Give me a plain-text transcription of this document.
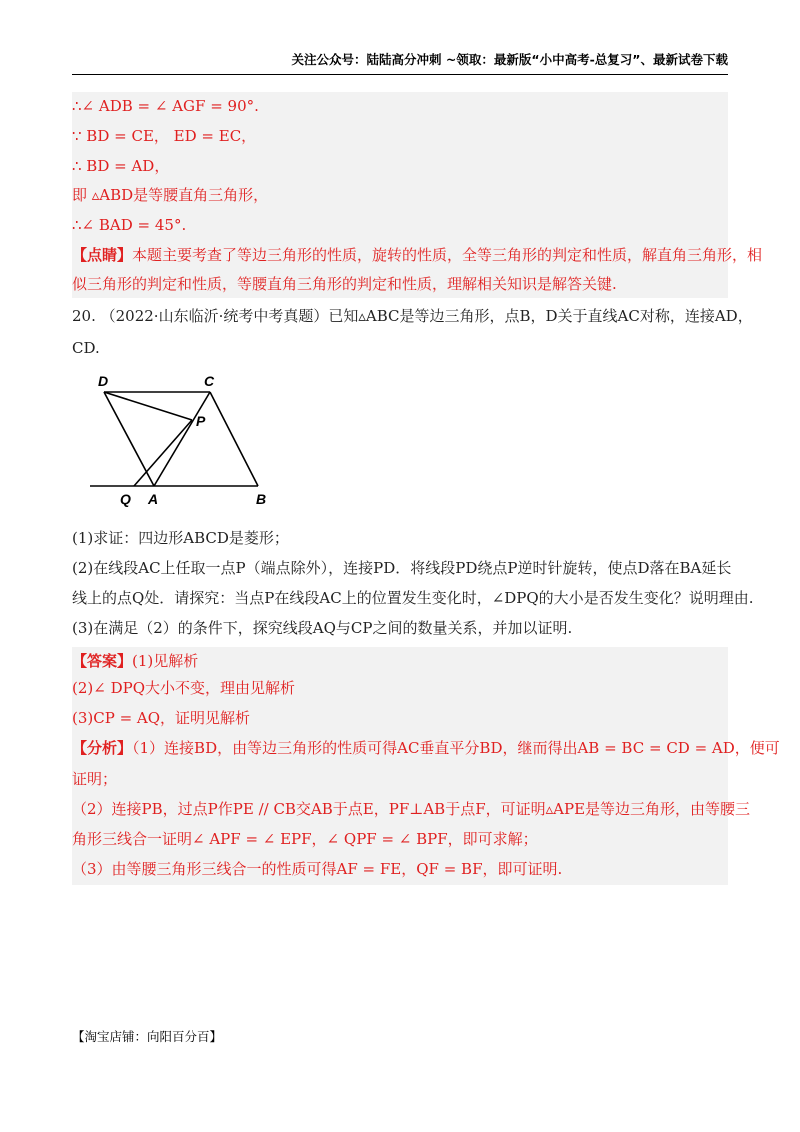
关注公众号：陆陆高分冲刺 ~领取：最新版“小中高考-总复习”、最新试卷下载
∴∠ ADB = ∠ AGF = 90°.
∵ BD = CE， ED = EC，
∴ BD = AD，
即 ▵ABD是等腰直角三角形，
∴∠ BAD = 45°.
【点睛】本题主要考查了等边三角形的性质，旋转的性质，全等三角形的判定和性质，解直角三角形，相
似三角形的判定和性质，等腰直角三角形的判定和性质，理解相关知识是解答关键.
20. （2022·山东临沂·统考中考真题）已知▵ABC是等边三角形，点B，D关于直线AC对称，连接AD，
CD.
D	C
P
Q A	B
(1)求证：四边形ABCD是菱形；
(2)在线段AC上任取一点P（端点除外），连接PD．将线段PD绕点P逆时针旋转，使点D落在BA延长
线上的点Q处．请探究：当点P在线段AC上的位置发生变化时，∠DPQ的大小是否发生变化？说明理由.
(3)在满足（2）的条件下，探究线段AQ与CP之间的数量关系，并加以证明.
【答案】(1)见解析
(2)∠ DPQ大小不变，理由见解析
(3)CP = AQ，证明见解析
【分析】（1）连接BD，由等边三角形的性质可得AC垂直平分BD，继而得出AB = BC = CD = AD，便可
证明；
（2）连接PB，过点P作PE // CB交AB于点E，PF⊥AB于点F，可证明▵APE是等边三角形，由等腰三
角形三线合一证明∠ APF = ∠ EPF，∠ QPF = ∠ BPF，即可求解；
（3）由等腰三角形三线合一的性质可得AF = FE，QF = BF，即可证明.
【淘宝店铺：向阳百分百】
